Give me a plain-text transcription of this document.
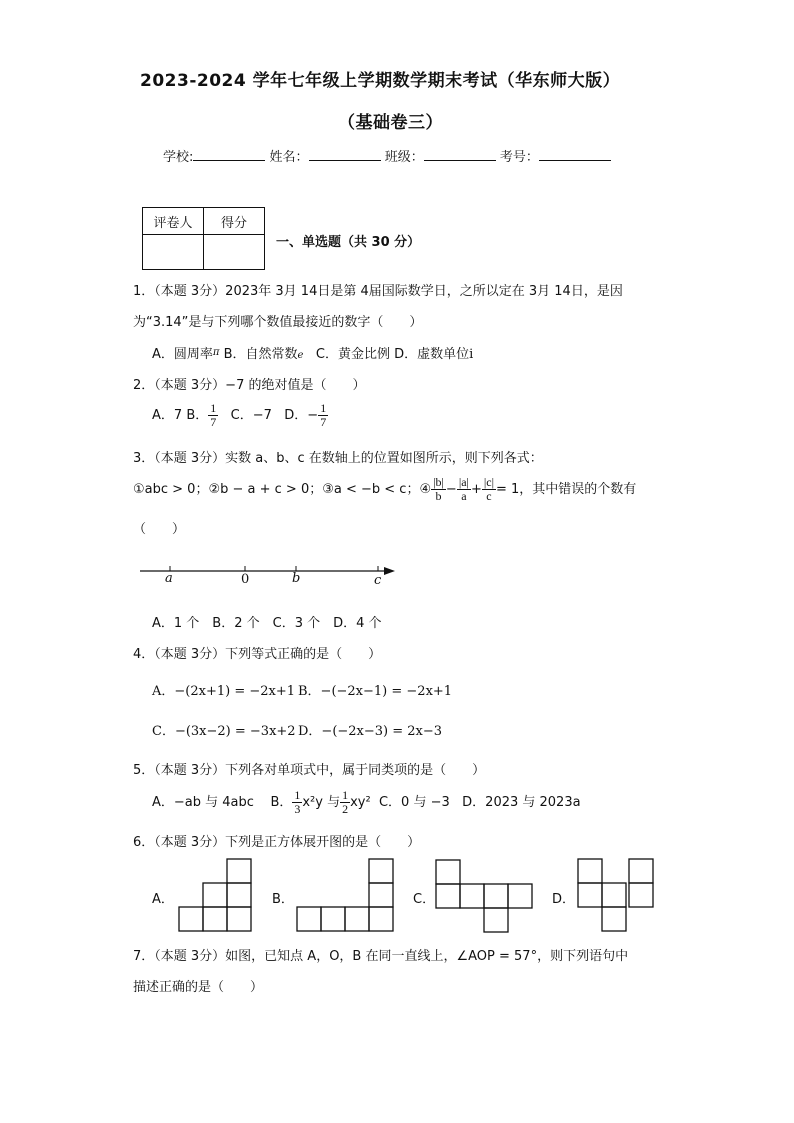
2023-2024 学年七年级上学期数学期末考试（华东师大版）
（基础卷三）
学校:	姓名：	班级：	考号：
评卷人	得分

一、单选题（共 30 分）
1．（本题 3分）2023年 3月 14日是第 4届国际数学日，之所以定在 3月 14日，是因
为“3.14”是与下列哪个数值最接近的数字（　　）
A．圆周率$^\pi$ B．自然常数e C．黄金比例 D．虚数单位i
2．（本题 3分）−7 的绝对值是（　　）
A．7 B． $\frac{1}{7}$ C．−7 D．− $\frac{1}{7}$
3．（本题 3分）实数 a、b、c 在数轴上的位置如图所示，则下列各式：
①abc > 0；②b − a + c > 0；③a < −b < c；④ $\frac{|b|}{b} - \frac{|a|}{a} + \frac{|c|}{c} = 1$，其中错误的个数有
（　　）
a	0	b	c
A．1 个　B．2 个　C．3 个　D．4 个
4．（本题 3分）下列等式正确的是（　　）
A．−(2x+1) = −2x+1 B．−(−2x−1) = −2x+1
C．−(3x−2) = −3x+2 D．−(−2x−3) = 2x−3
5．（本题 3分）下列各对单项式中，属于同类项的是（　　）
A．−ab 与 4abc B． $\frac{1}{3} x^2y$ 与 $\frac{1}{2} xy^2$ C．0 与 −3 D．2023 与 2023a
6．（本题 3分）下列是正方体展开图的是（　　）
A．	B．	C．	D．
7．（本题 3分）如图，已知点 A，O，B 在同一直线上，∠AOP = 57°，则下列语句中
描述正确的是（　　）
